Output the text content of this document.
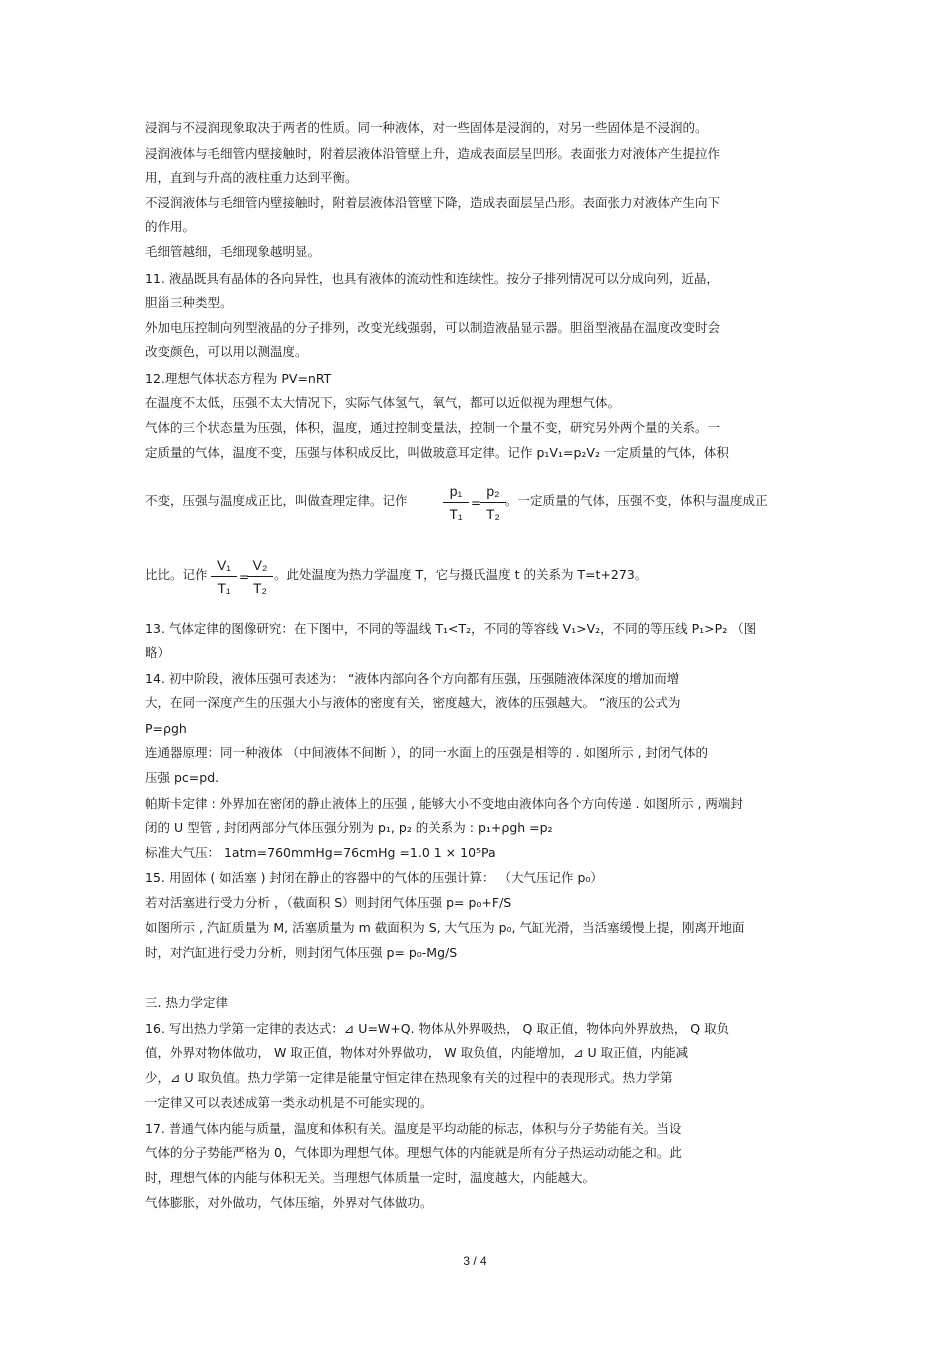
浸润与不浸润现象取决于两者的性质。同一种液体，对一些固体是浸润的，对另一些固体是不浸润的。
浸润液体与毛细管内壁接触时，附着层液体沿管壁上升，造成表面层呈凹形。表面张力对液体产生提拉作
用，直到与升高的液柱重力达到平衡。
不浸润液体与毛细管内壁接触时，附着层液体沿管壁下降，造成表面层呈凸形。表面张力对液体产生向下
的作用。
毛细管越细，毛细现象越明显。
11. 液晶既具有晶体的各向异性，也具有液体的流动性和连续性。按分子排列情况可以分成向列，近晶，
胆甾三种类型。
外加电压控制向列型液晶的分子排列，改变光线强弱，可以制造液晶显示器。胆甾型液晶在温度改变时会
改变颜色，可以用以测温度。
12.理想气体状态方程为 PV=nRT
在温度不太低，压强不太大情况下，实际气体氢气，氧气，都可以近似视为理想气体。
气体的三个状态量为压强，体积，温度，通过控制变量法，控制一个量不变，研究另外两个量的关系。一
定质量的气体，温度不变，压强与体积成反比，叫做玻意耳定律。记作 p₁V₁=p₂V₂ 一定质量的气体，体积
不变，压强与温度成正比，叫做查理定律。记作
p₁
T₁
=
p₂
T₂
。一定质量的气体，压强不变，体积与温度成正
比比。记作
V₁
T₁
=
V₂
T₂
。此处温度为热力学温度 T，它与摄氏温度 t 的关系为 T=t+273。
13. 气体定律的图像研究：在下图中，不同的等温线 T₁<T₂，不同的等容线 V₁>V₂，不同的等压线 P₁>P₂ （图
略）
14. 初中阶段，液体压强可表述为： “液体内部向各个方向都有压强，压强随液体深度的增加而增
大，在同一深度产生的压强大小与液体的密度有关，密度越大，液体的压强越大。 ”液压的公式为
P=ρgh
连通器原理：同一种液体 （中间液体不间断 ），的同一水面上的压强是相等的 . 如图所示 , 封闭气体的
压强 pc=pd.
帕斯卡定律 : 外界加在密闭的静止液体上的压强 , 能够大小不变地由液体向各个方向传递 . 如图所示 , 两端封
闭的 U 型管 , 封闭两部分气体压强分别为 p₁, p₂ 的关系为 : p₁+ρgh =p₂
标准大气压： 1atm=760mmHg=76cmHg =1.0 1 × 10⁵Pa
15. 用固体 ( 如活塞 ) 封闭在静止的容器中的气体的压强计算： （大气压记作 p₀）
若对活塞进行受力分析 ，（截面积 S）则封闭气体压强 p= p₀+F/S
如图所示 , 汽缸质量为 M, 活塞质量为 m 截面积为 S, 大气压为 p₀, 气缸光滑，当活塞缓慢上提，刚离开地面
时，对汽缸进行受力分析，则封闭气体压强 p= p₀-Mg/S
三. 热力学定律
16. 写出热力学第一定律的表达式：⊿ U=W+Q. 物体从外界吸热， Q 取正值，物体向外界放热， Q 取负
值，外界对物体做功， W 取正值，物体对外界做功， W 取负值，内能增加，⊿ U 取正值，内能减
少，⊿ U 取负值。热力学第一定律是能量守恒定律在热现象有关的过程中的表现形式。热力学第
一定律又可以表述成第一类永动机是不可能实现的。
17. 普通气体内能与质量，温度和体积有关。温度是平均动能的标志，体积与分子势能有关。当设
气体的分子势能严格为 0，气体即为理想气体。理想气体的内能就是所有分子热运动动能之和。此
时，理想气体的内能与体积无关。当理想气体质量一定时，温度越大，内能越大。
气体膨胀，对外做功，气体压缩，外界对气体做功。
3 / 4
